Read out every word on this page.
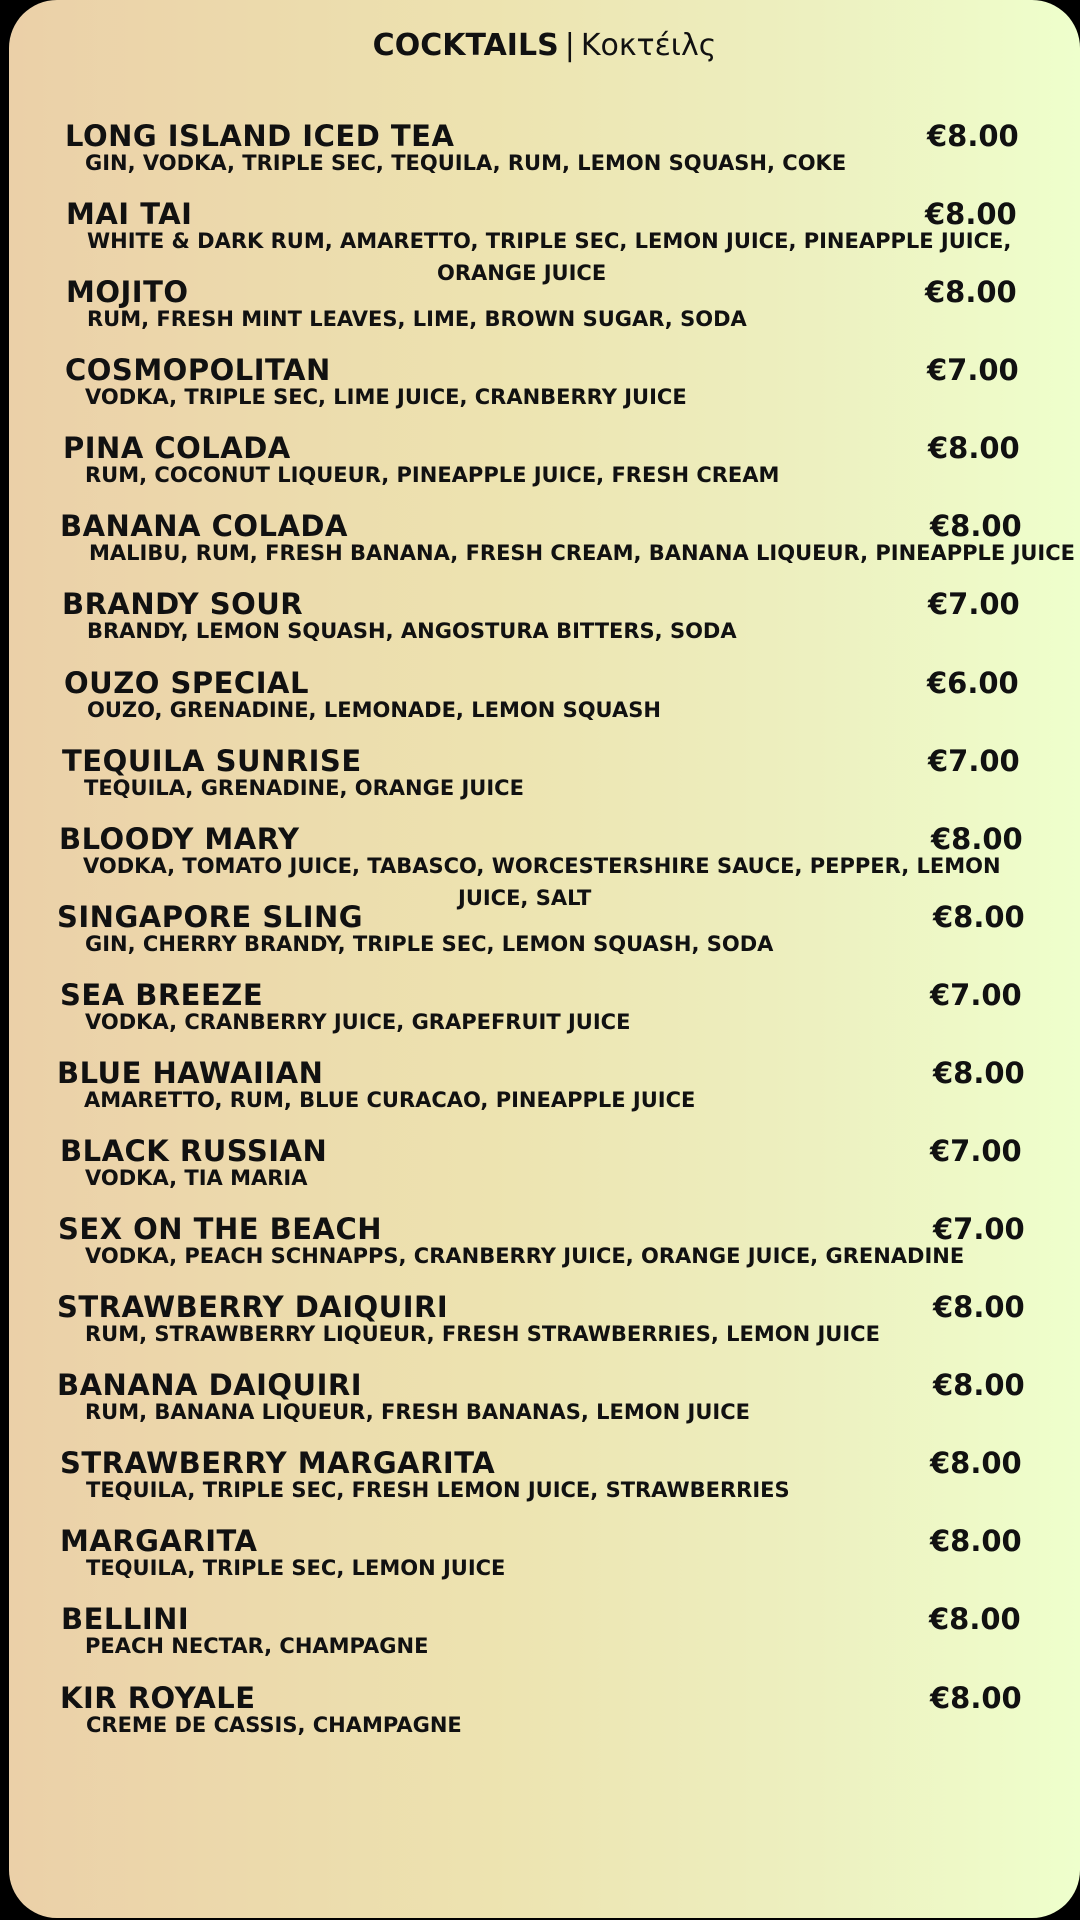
COCKTAILS | Κοκτέιλς
LONG ISLAND ICED TEA	€8.00
GIN, VODKA, TRIPLE SEC, TEQUILA, RUM, LEMON SQUASH, COKE
MAI TAI	€8.00
WHITE & DARK RUM, AMARETTO, TRIPLE SEC, LEMON JUICE, PINEAPPLE JUICE,
ORANGE JUICE
MOJITO	€8.00
RUM, FRESH MINT LEAVES, LIME, BROWN SUGAR, SODA
COSMOPOLITAN	€7.00
VODKA, TRIPLE SEC, LIME JUICE, CRANBERRY JUICE
PINA COLADA	€8.00
RUM, COCONUT LIQUEUR, PINEAPPLE JUICE, FRESH CREAM
BANANA COLADA	€8.00
MALIBU, RUM, FRESH BANANA, FRESH CREAM, BANANA LIQUEUR, PINEAPPLE JUICE
BRANDY SOUR	€7.00
BRANDY, LEMON SQUASH, ANGOSTURA BITTERS, SODA
OUZO SPECIAL	€6.00
OUZO, GRENADINE, LEMONADE, LEMON SQUASH
TEQUILA SUNRISE	€7.00
TEQUILA, GRENADINE, ORANGE JUICE
BLOODY MARY	€8.00
VODKA, TOMATO JUICE, TABASCO, WORCESTERSHIRE SAUCE, PEPPER, LEMON
JUICE, SALT
SINGAPORE SLING	€8.00
GIN, CHERRY BRANDY, TRIPLE SEC, LEMON SQUASH, SODA
SEA BREEZE	€7.00
VODKA, CRANBERRY JUICE, GRAPEFRUIT JUICE
BLUE HAWAIIAN	€8.00
AMARETTO, RUM, BLUE CURACAO, PINEAPPLE JUICE
BLACK RUSSIAN	€7.00
VODKA, TIA MARIA
SEX ON THE BEACH	€7.00
VODKA, PEACH SCHNAPPS, CRANBERRY JUICE, ORANGE JUICE, GRENADINE
STRAWBERRY DAIQUIRI	€8.00
RUM, STRAWBERRY LIQUEUR, FRESH STRAWBERRIES, LEMON JUICE
BANANA DAIQUIRI	€8.00
RUM, BANANA LIQUEUR, FRESH BANANAS, LEMON JUICE
STRAWBERRY MARGARITA	€8.00
TEQUILA, TRIPLE SEC, FRESH LEMON JUICE, STRAWBERRIES
MARGARITA	€8.00
TEQUILA, TRIPLE SEC, LEMON JUICE
BELLINI	€8.00
PEACH NECTAR, CHAMPAGNE
KIR ROYALE	€8.00
CREME DE CASSIS, CHAMPAGNE
